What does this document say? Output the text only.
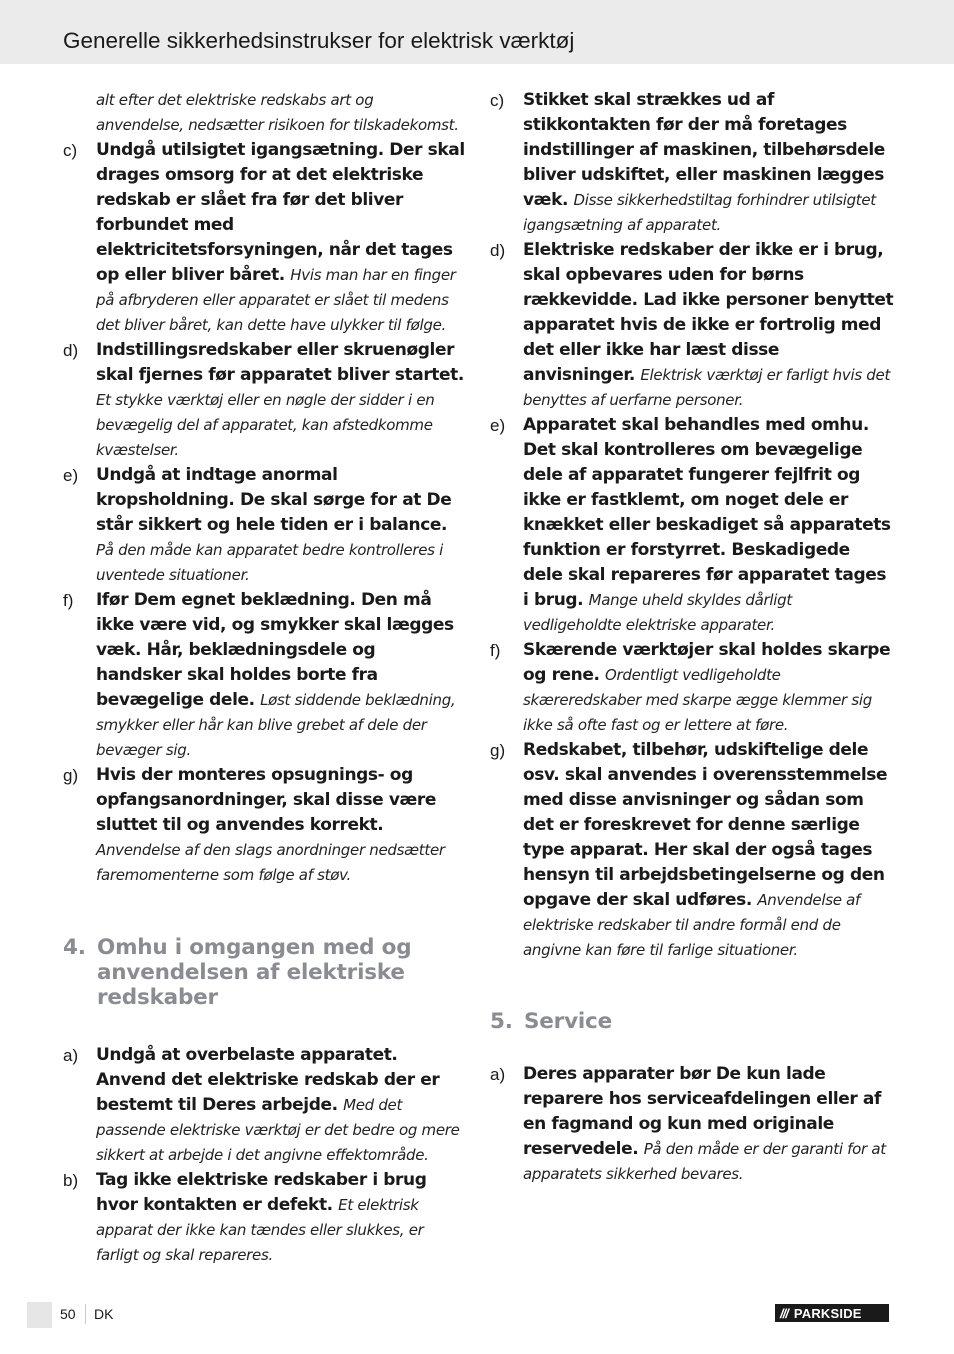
Generelle sikkerhedsinstrukser for elektrisk værktøj
alt efter det elektriske redskabs art og anvendelse, nedsætter risikoen for tilskadekomst.
c) Undgå utilsigtet igangsætning. Der skal drages omsorg for at det elektriske redskab er slået fra før det bliver forbundet med elektricitetsforsyningen, når det tages op eller bliver båret. Hvis man har en finger på afbryderen eller apparatet er slået til medens det bliver båret, kan dette have ulykker til følge.
d) Indstillingsredskaber eller skruenøgler skal fjernes før apparatet bliver startet. Et stykke værktøj eller en nøgle der sidder i en bevægelig del af apparatet, kan afstedkomme kvæstelser.
e) Undgå at indtage anormal kropsholdning. De skal sørge for at De står sikkert og hele tiden er i balance. På den måde kan apparatet bedre kontrolleres i uventede situationer.
f) Ifør Dem egnet beklædning. Den må ikke være vid, og smykker skal lægges væk. Hår, beklædningsdele og handsker skal holdes borte fra bevægelige dele. Løst siddende beklædning, smykker eller hår kan blive grebet af dele der bevæger sig.
g) Hvis der monteres opsugnings- og opfangsanordninger, skal disse være sluttet til og anvendes korrekt. Anvendelse af den slags anordninger nedsætter faremomenterne som følge af støv.
4. Omhu i omgangen med og anvendelsen af elektriske redskaber
a) Undgå at overbelaste apparatet. Anvend det elektriske redskab der er bestemt til Deres arbejde. Med det passende elektriske værktøj er det bedre og mere sikkert at arbejde i det angivne effektområde.
b) Tag ikke elektriske redskaber i brug hvor kontakten er defekt. Et elektrisk apparat der ikke kan tændes eller slukkes, er farligt og skal repareres.
c) Stikket skal strækkes ud af stikkontakten før der må foretages indstillinger af maskinen, tilbehørsdele bliver udskiftet, eller maskinen lægges væk. Disse sikkerhedstiltag forhindrer utilsigtet igangsætning af apparatet.
d) Elektriske redskaber der ikke er i brug, skal opbevares uden for børns rækkevidde. Lad ikke personer benyttet apparatet hvis de ikke er fortrolig med det eller ikke har læst disse anvisninger. Elektrisk værktøj er farligt hvis det benyttes af uerfarne personer.
e) Apparatet skal behandles med omhu. Det skal kontrolleres om bevægelige dele af apparatet fungerer fejlfrit og ikke er fastklemt, om noget dele er knækket eller beskadiget så apparatets funktion er forstyrret. Beskadigede dele skal repareres før apparatet tages i brug. Mange uheld skyldes dårligt vedligeholdte elektriske apparater.
f) Skærende værktøjer skal holdes skarpe og rene. Ordentligt vedligeholdte skæreredskaber med skarpe ægge klemmer sig ikke så ofte fast og er lettere at føre.
g) Redskabet, tilbehør, udskiftelige dele osv. skal anvendes i overensstemmelse med disse anvisninger og sådan som det er foreskrevet for denne særlige type apparat. Her skal der også tages hensyn til arbejdsbetingelserne og den opgave der skal udføres. Anvendelse af elektriske redskaber til andre formål end de angivne kan føre til farlige situationer.
5. Service
a) Deres apparater bør De kun lade reparere hos serviceafdelingen eller af en fagmand og kun med originale reservedele. På den måde er der garanti for at apparatets sikkerhed bevares.
50 DK	/// PARKSIDE
